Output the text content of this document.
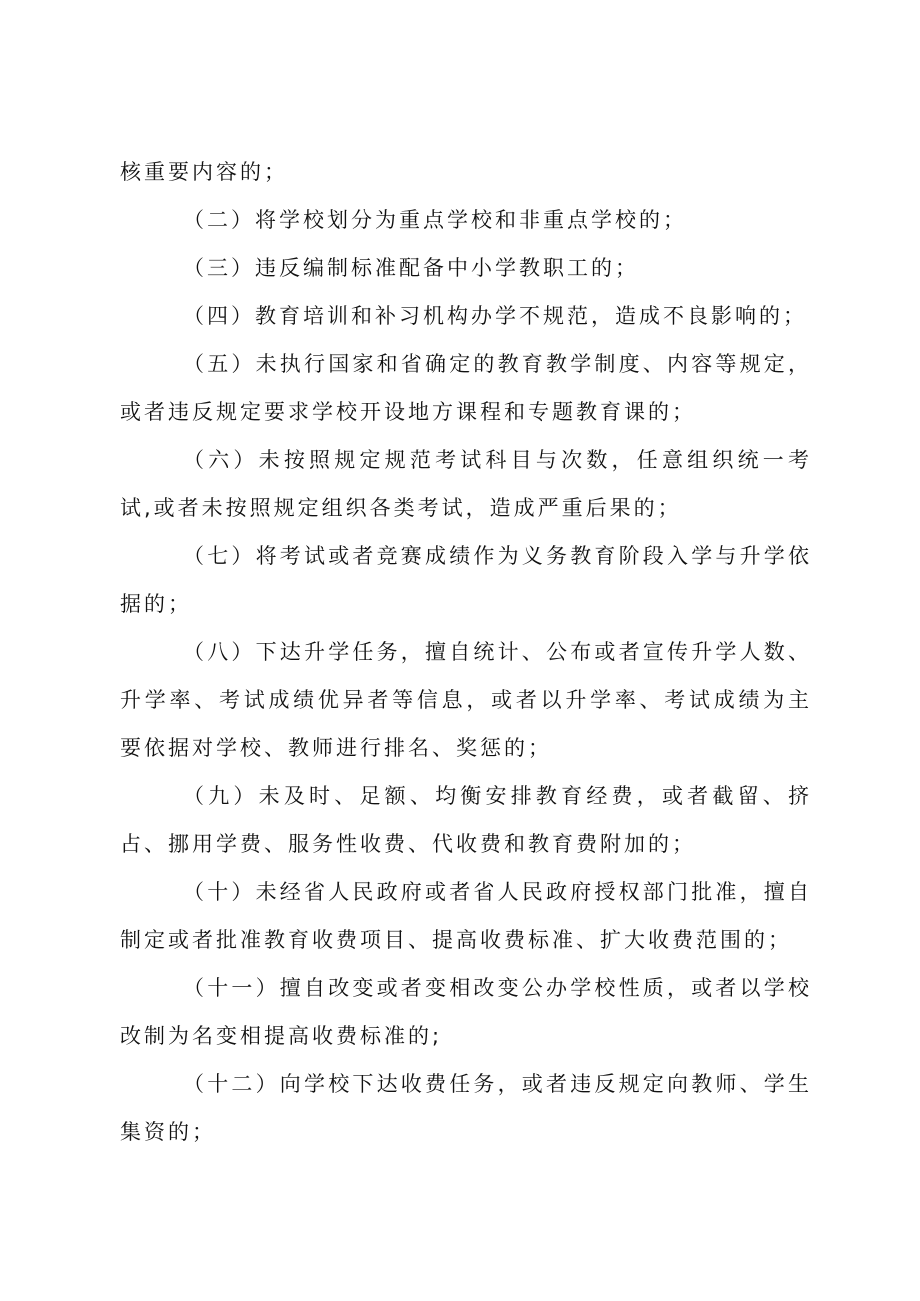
核重要内容的；

（二）将学校划分为重点学校和非重点学校的；

（三）违反编制标准配备中小学教职工的；

（四）教育培训和补习机构办学不规范，造成不良影响的；

（五）未执行国家和省确定的教育教学制度、内容等规定，或者违反规定要求学校开设地方课程和专题教育课的；

（六）未按照规定规范考试科目与次数，任意组织统一考试,或者未按照规定组织各类考试，造成严重后果的；

（七）将考试或者竞赛成绩作为义务教育阶段入学与升学依据的；

（八）下达升学任务，擅自统计、公布或者宣传升学人数、升学率、考试成绩优异者等信息，或者以升学率、考试成绩为主要依据对学校、教师进行排名、奖惩的；

（九）未及时、足额、均衡安排教育经费，或者截留、挤占、挪用学费、服务性收费、代收费和教育费附加的；

（十）未经省人民政府或者省人民政府授权部门批准，擅自制定或者批准教育收费项目、提高收费标准、扩大收费范围的；

（十一）擅自改变或者变相改变公办学校性质，或者以学校改制为名变相提高收费标准的;

（十二）向学校下达收费任务，或者违反规定向教师、学生集资的；
